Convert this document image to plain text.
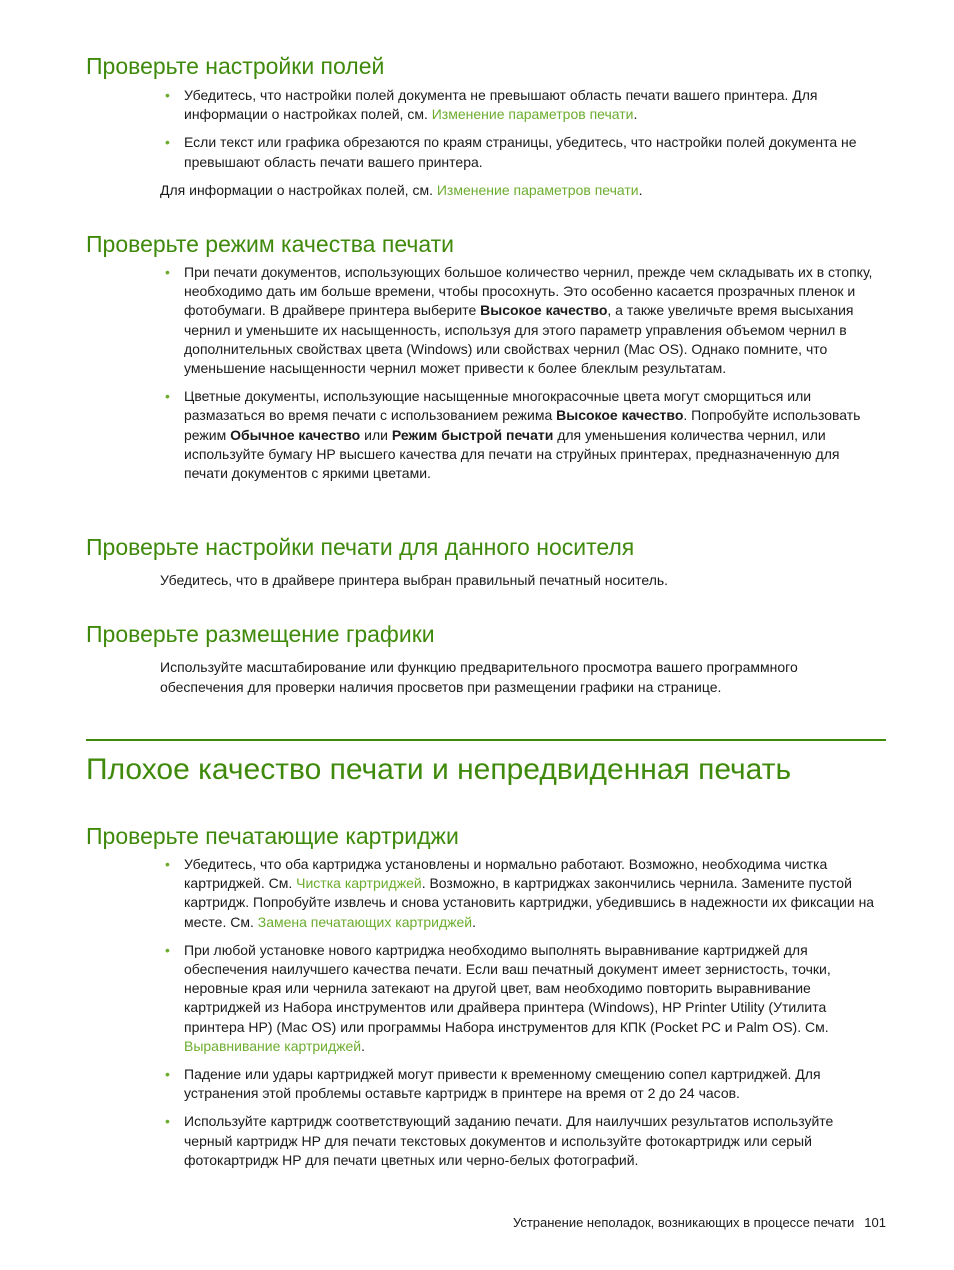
Проверьте настройки полей
• Убедитесь, что настройки полей документа не превышают область печати вашего принтера. Для информации о настройках полей, см. Изменение параметров печати.
• Если текст или графика обрезаются по краям страницы, убедитесь, что настройки полей документа не превышают область печати вашего принтера.

Для информации о настройках полей, см. Изменение параметров печати.

Проверьте режим качества печати
• При печати документов, использующих большое количество чернил, прежде чем складывать их в стопку, необходимо дать им больше времени, чтобы просохнуть. Это особенно касается прозрачных пленок и фотобумаги. В драйвере принтера выберите Высокое качество, а также увеличьте время высыхания чернил и уменьшите их насыщенность, используя для этого параметр управления объемом чернил в дополнительных свойствах цвета (Windows) или свойствах чернил (Mac OS). Однако помните, что уменьшение насыщенности чернил может привести к более блеклым результатам.
• Цветные документы, использующие насыщенные многокрасочные цвета могут сморщиться или размазаться во время печати с использованием режима Высокое качество. Попробуйте использовать режим Обычное качество или Режим быстрой печати для уменьшения количества чернил, или используйте бумагу HP высшего качества для печати на струйных принтерах, предназначенную для печати документов с яркими цветами.
Проверьте настройки печати для данного носителя

Убедитесь, что в драйвере принтера выбран правильный печатный носитель.

Проверьте размещение графики

Используйте масштабирование или функцию предварительного просмотра вашего программного обеспечения для проверки наличия просветов при размещении графики на странице.

Плохое качество печати и непредвиденная печать
Проверьте печатающие картриджи
• Убедитесь, что оба картриджа установлены и нормально работают. Возможно, необходима чистка картриджей. См. Чистка картриджей. Возможно, в картриджах закончились чернила. Замените пустой картридж. Попробуйте извлечь и снова установить картриджи, убедившись в надежности их фиксации на месте. См. Замена печатающих картриджей.
• При любой установке нового картриджа необходимо выполнять выравнивание картриджей для обеспечения наилучшего качества печати. Если ваш печатный документ имеет зернистость, точки, неровные края или чернила затекают на другой цвет, вам необходимо повторить выравнивание картриджей из Набора инструментов или драйвера принтера (Windows), HP Printer Utility (Утилита принтера HP) (Mac OS) или программы Набора инструментов для КПК (Pocket PC и Palm OS). См. Выравнивание картриджей.
• Падение или удары картриджей могут привести к временному смещению сопел картриджей. Для устранения этой проблемы оставьте картридж в принтере на время от 2 до 24 часов.
• Используйте картридж соответствующий заданию печати. Для наилучших результатов используйте черный картридж HP для печати текстовых документов и используйте фотокартридж или серый фотокартридж HP для печати цветных или черно-белых фотографий.
Устранение неполадок, возникающих в процессе печати 101
